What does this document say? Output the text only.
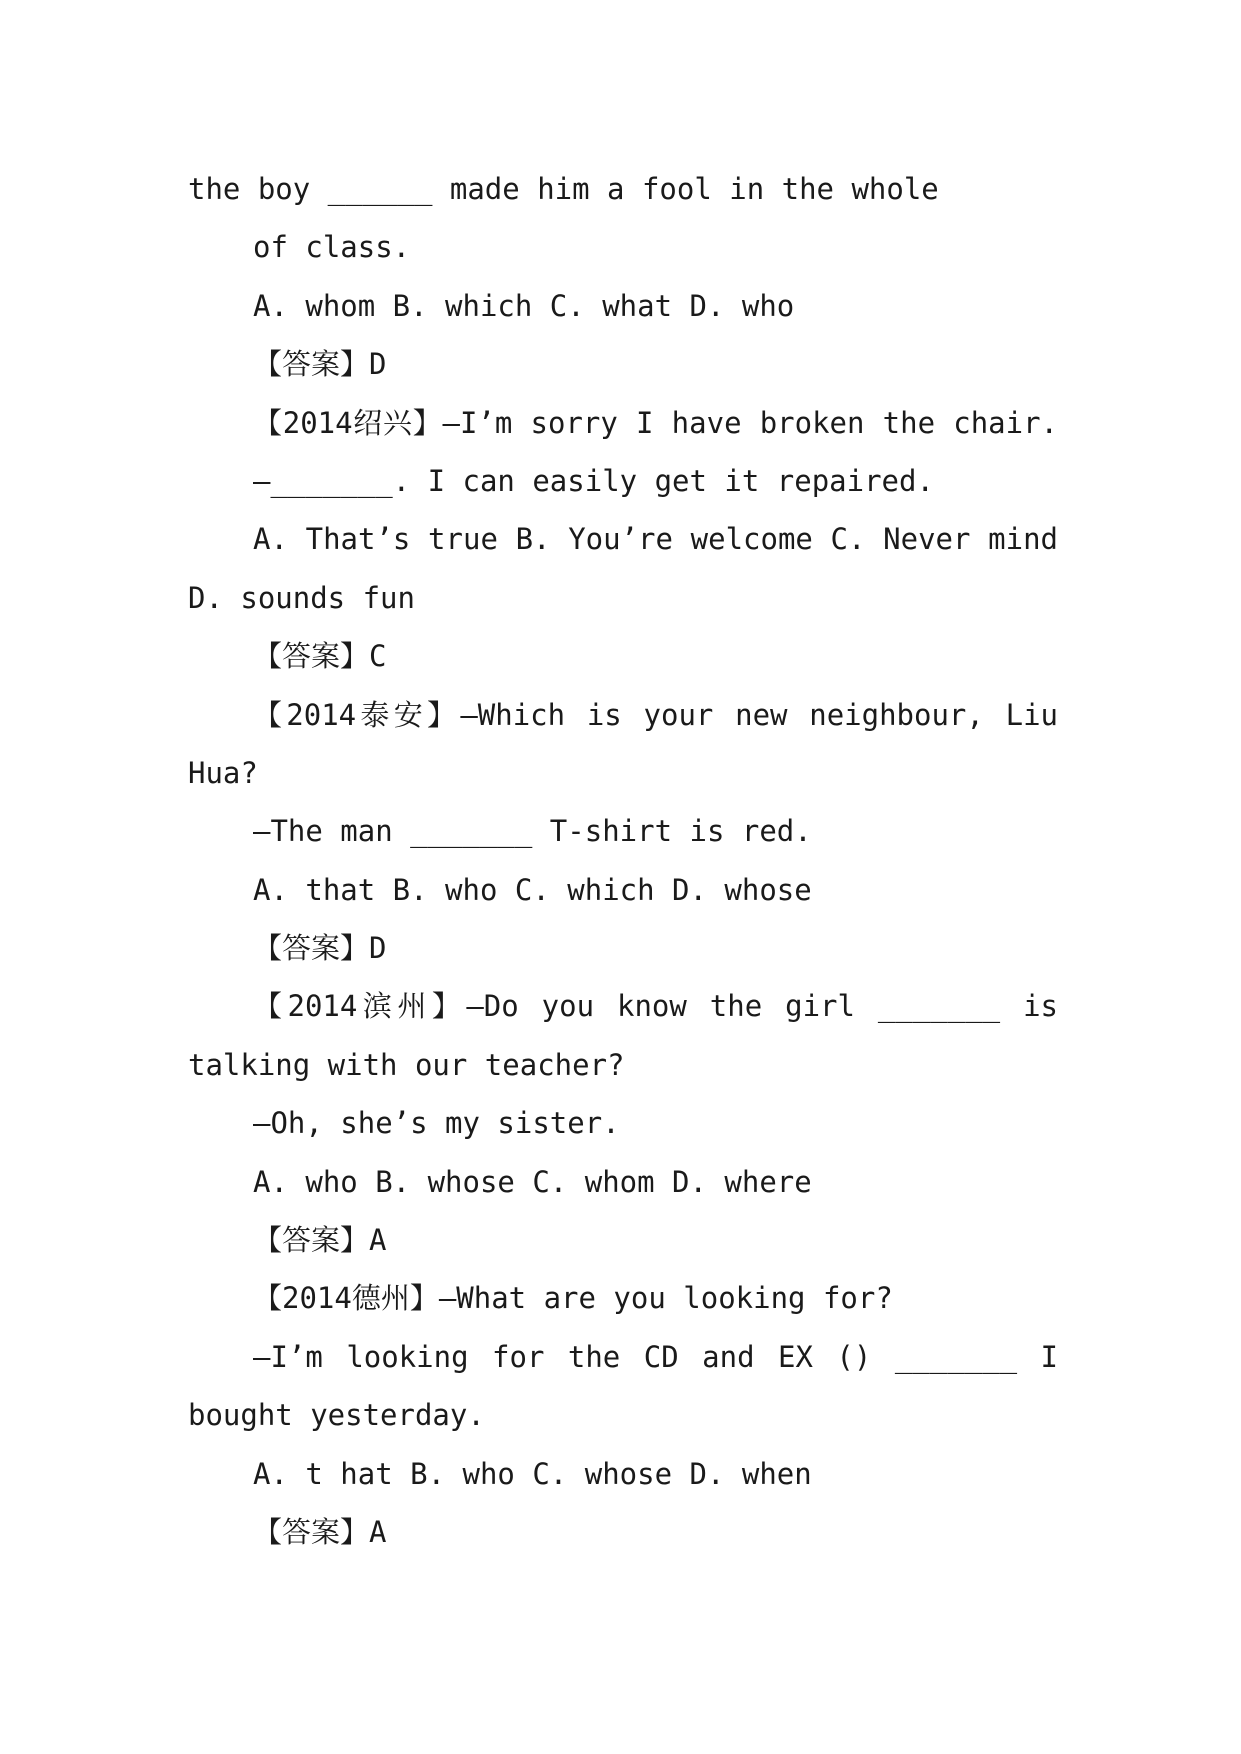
the boy ______ made him a fool in the whole
of class.
A. whom B. which C. what D. who
【答案】D
【2014绍兴】—I’m sorry I have broken the chair.
—_______. I can easily get it repaired.
A. That’s true B. You’re welcome C. Never mind
D. sounds fun
【答案】C
【2014泰安】—Which is your new neighbour, Liu
Hua?
—The man _______ T-shirt is red.
A. that B. who C. which D. whose
【答案】D
【2014滨州】—Do you know the girl _______ is
talking with our teacher?
—Oh, she’s my sister.
A. who B. whose C. whom D. where
【答案】A
【2014德州】—What are you looking for?
—I’m looking for the CD and EX () _______ I
bought yesterday.
A. t hat B. who C. whose D. when
【答案】A
